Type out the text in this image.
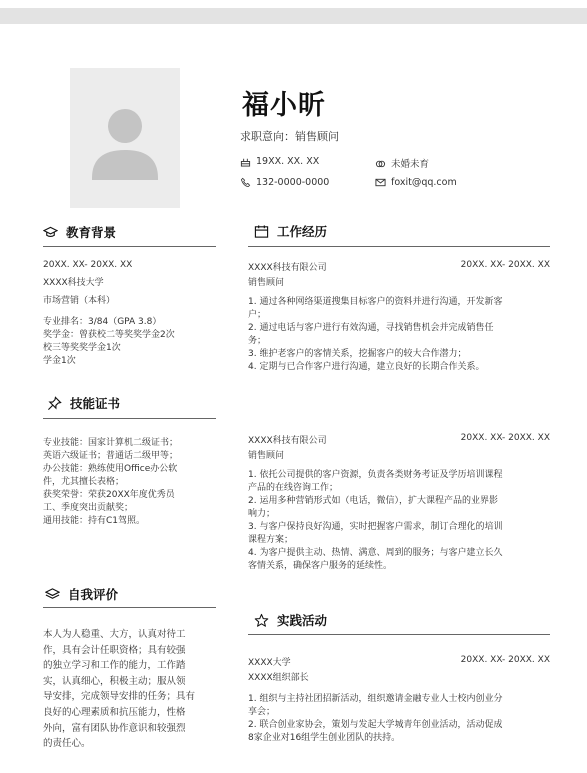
福小昕
求职意向：销售顾问
19XX. XX. XX	未婚未育
132-0000-0000	foxit@qq.com
教育背景
20XX. XX- 20XX. XX
XXXX科技大学
市场营销（本科）
专业排名：3/84（GPA 3.8）
奖学金：曾获校二等奖奖学金2次
校三等奖奖学金1次
学金1次
技能证书
专业技能：国家计算机二级证书；
英语六级证书；普通话二级甲等；
办公技能：熟练使用Office办公软
件，尤其擅长表格；
获奖荣誉：荣获20XX年度优秀员
工、季度突出贡献奖；
通用技能：持有C1驾照。
自我评价
本人为人稳重、大方，认真对待工
作，具有会计任职资格；具有较强
的独立学习和工作的能力，工作踏
实，认真细心，积极主动；服从领
导安排，完成领导安排的任务；具有
良好的心理素质和抗压能力，性格
外向，富有团队协作意识和较强烈
的责任心。
工作经历
XXXX科技有限公司	20XX. XX- 20XX. XX
销售顾问
1. 通过各种网络渠道搜集目标客户的资料并进行沟通，开发新客
户；
2. 通过电话与客户进行有效沟通，寻找销售机会并完成销售任
务；
3. 维护老客户的客情关系，挖掘客户的较大合作潜力；
4. 定期与已合作客户进行沟通，建立良好的长期合作关系。
XXXX科技有限公司	20XX. XX- 20XX. XX
销售顾问
1. 依托公司提供的客户资源，负责各类财务考证及学历培训课程
产品的在线咨询工作；
2. 运用多种营销形式如（电话，微信），扩大课程产品的业界影
响力；
3. 与客户保持良好沟通，实时把握客户需求，制订合理化的培训
课程方案；
4. 为客户提供主动、热情、满意、周到的服务；与客户建立长久
客情关系，确保客户服务的延续性。
实践活动
XXXX大学	20XX. XX- 20XX. XX
XXXX组织部长
1. 组织与主持社团招新活动，组织邀请金融专业人士校内创业分
享会；
2. 联合创业家协会，策划与发起大学城青年创业活动，活动促成
8家企业对16组学生创业团队的扶持。
